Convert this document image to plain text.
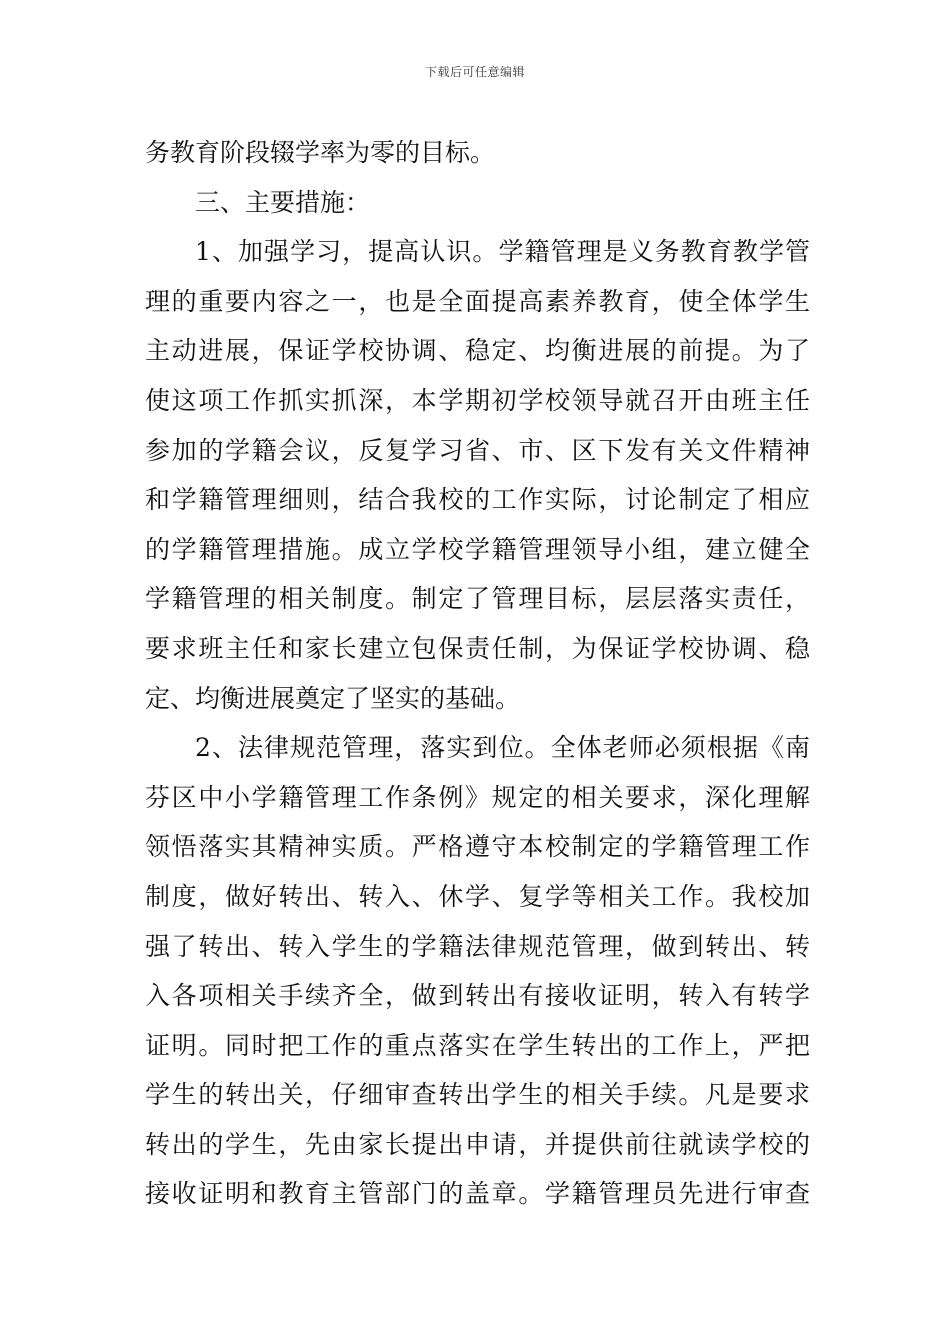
下载后可任意编辑
务教育阶段辍学率为零的目标。
三、主要措施：
1、加强学习，提高认识。学籍管理是义务教育教学管
理的重要内容之一，也是全面提高素养教育，使全体学生
主动进展，保证学校协调、稳定、均衡进展的前提。为了
使这项工作抓实抓深，本学期初学校领导就召开由班主任
参加的学籍会议，反复学习省、市、区下发有关文件精神
和学籍管理细则，结合我校的工作实际，讨论制定了相应
的学籍管理措施。成立学校学籍管理领导小组，建立健全
学籍管理的相关制度。制定了管理目标，层层落实责任，
要求班主任和家长建立包保责任制，为保证学校协调、稳
定、均衡进展奠定了坚实的基础。
2、法律规范管理，落实到位。全体老师必须根据《南
芬区中小学籍管理工作条例》规定的相关要求，深化理解
领悟落实其精神实质。严格遵守本校制定的学籍管理工作
制度，做好转出、转入、休学、复学等相关工作。我校加
强了转出、转入学生的学籍法律规范管理，做到转出、转
入各项相关手续齐全，做到转出有接收证明，转入有转学
证明。同时把工作的重点落实在学生转出的工作上，严把
学生的转出关，仔细审查转出学生的相关手续。凡是要求
转出的学生，先由家长提出申请，并提供前往就读学校的
接收证明和教育主管部门的盖章。学籍管理员先进行审查
